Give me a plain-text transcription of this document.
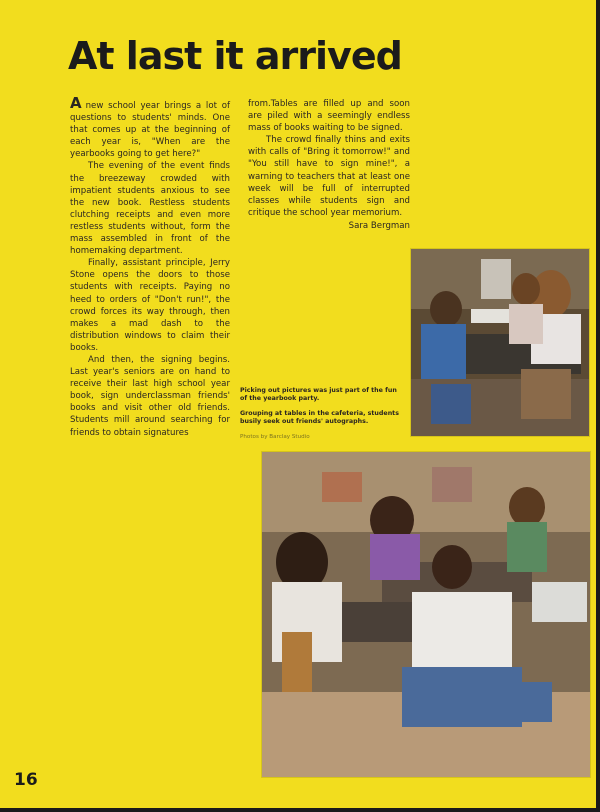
At last it arrived

Anew school year brings a lot of questions to students' minds. One that comes up at the beginning of each year is, "When are the yearbooks going to get here?"

The evening of the event finds the breezeway crowded with impatient students anxious to see the new book. Restless students clutching receipts and even more restless students without, form the mass assembled in front of the homemaking department.

Finally, assistant principle, Jerry Stone opens the doors to those students with receipts. Paying no heed to orders of "Don't run!", the crowd forces its way through, then makes a mad dash to the distribution windows to claim their books.

And then, the signing begins. Last year's seniors are on hand to receive their last high school year book, sign underclassman friends' books and visit other old friends. Students mill around searching for friends to obtain signatures

from.Tables are filled up and soon are piled with a seemingly endless mass of books waiting to be signed.

The crowd finally thins and exits with calls of "Bring it tomorrow!" and "You still have to sign mine!", a warning to teachers that at least one week will be full of interrupted classes while students sign and critique the school year memorium.

Sara Bergman

Picking out pictures was just part of the fun of the yearbook party.

Grouping at tables in the cafeteria, students busily seek out friends' autographs.

Photos by Barclay Studio

16
